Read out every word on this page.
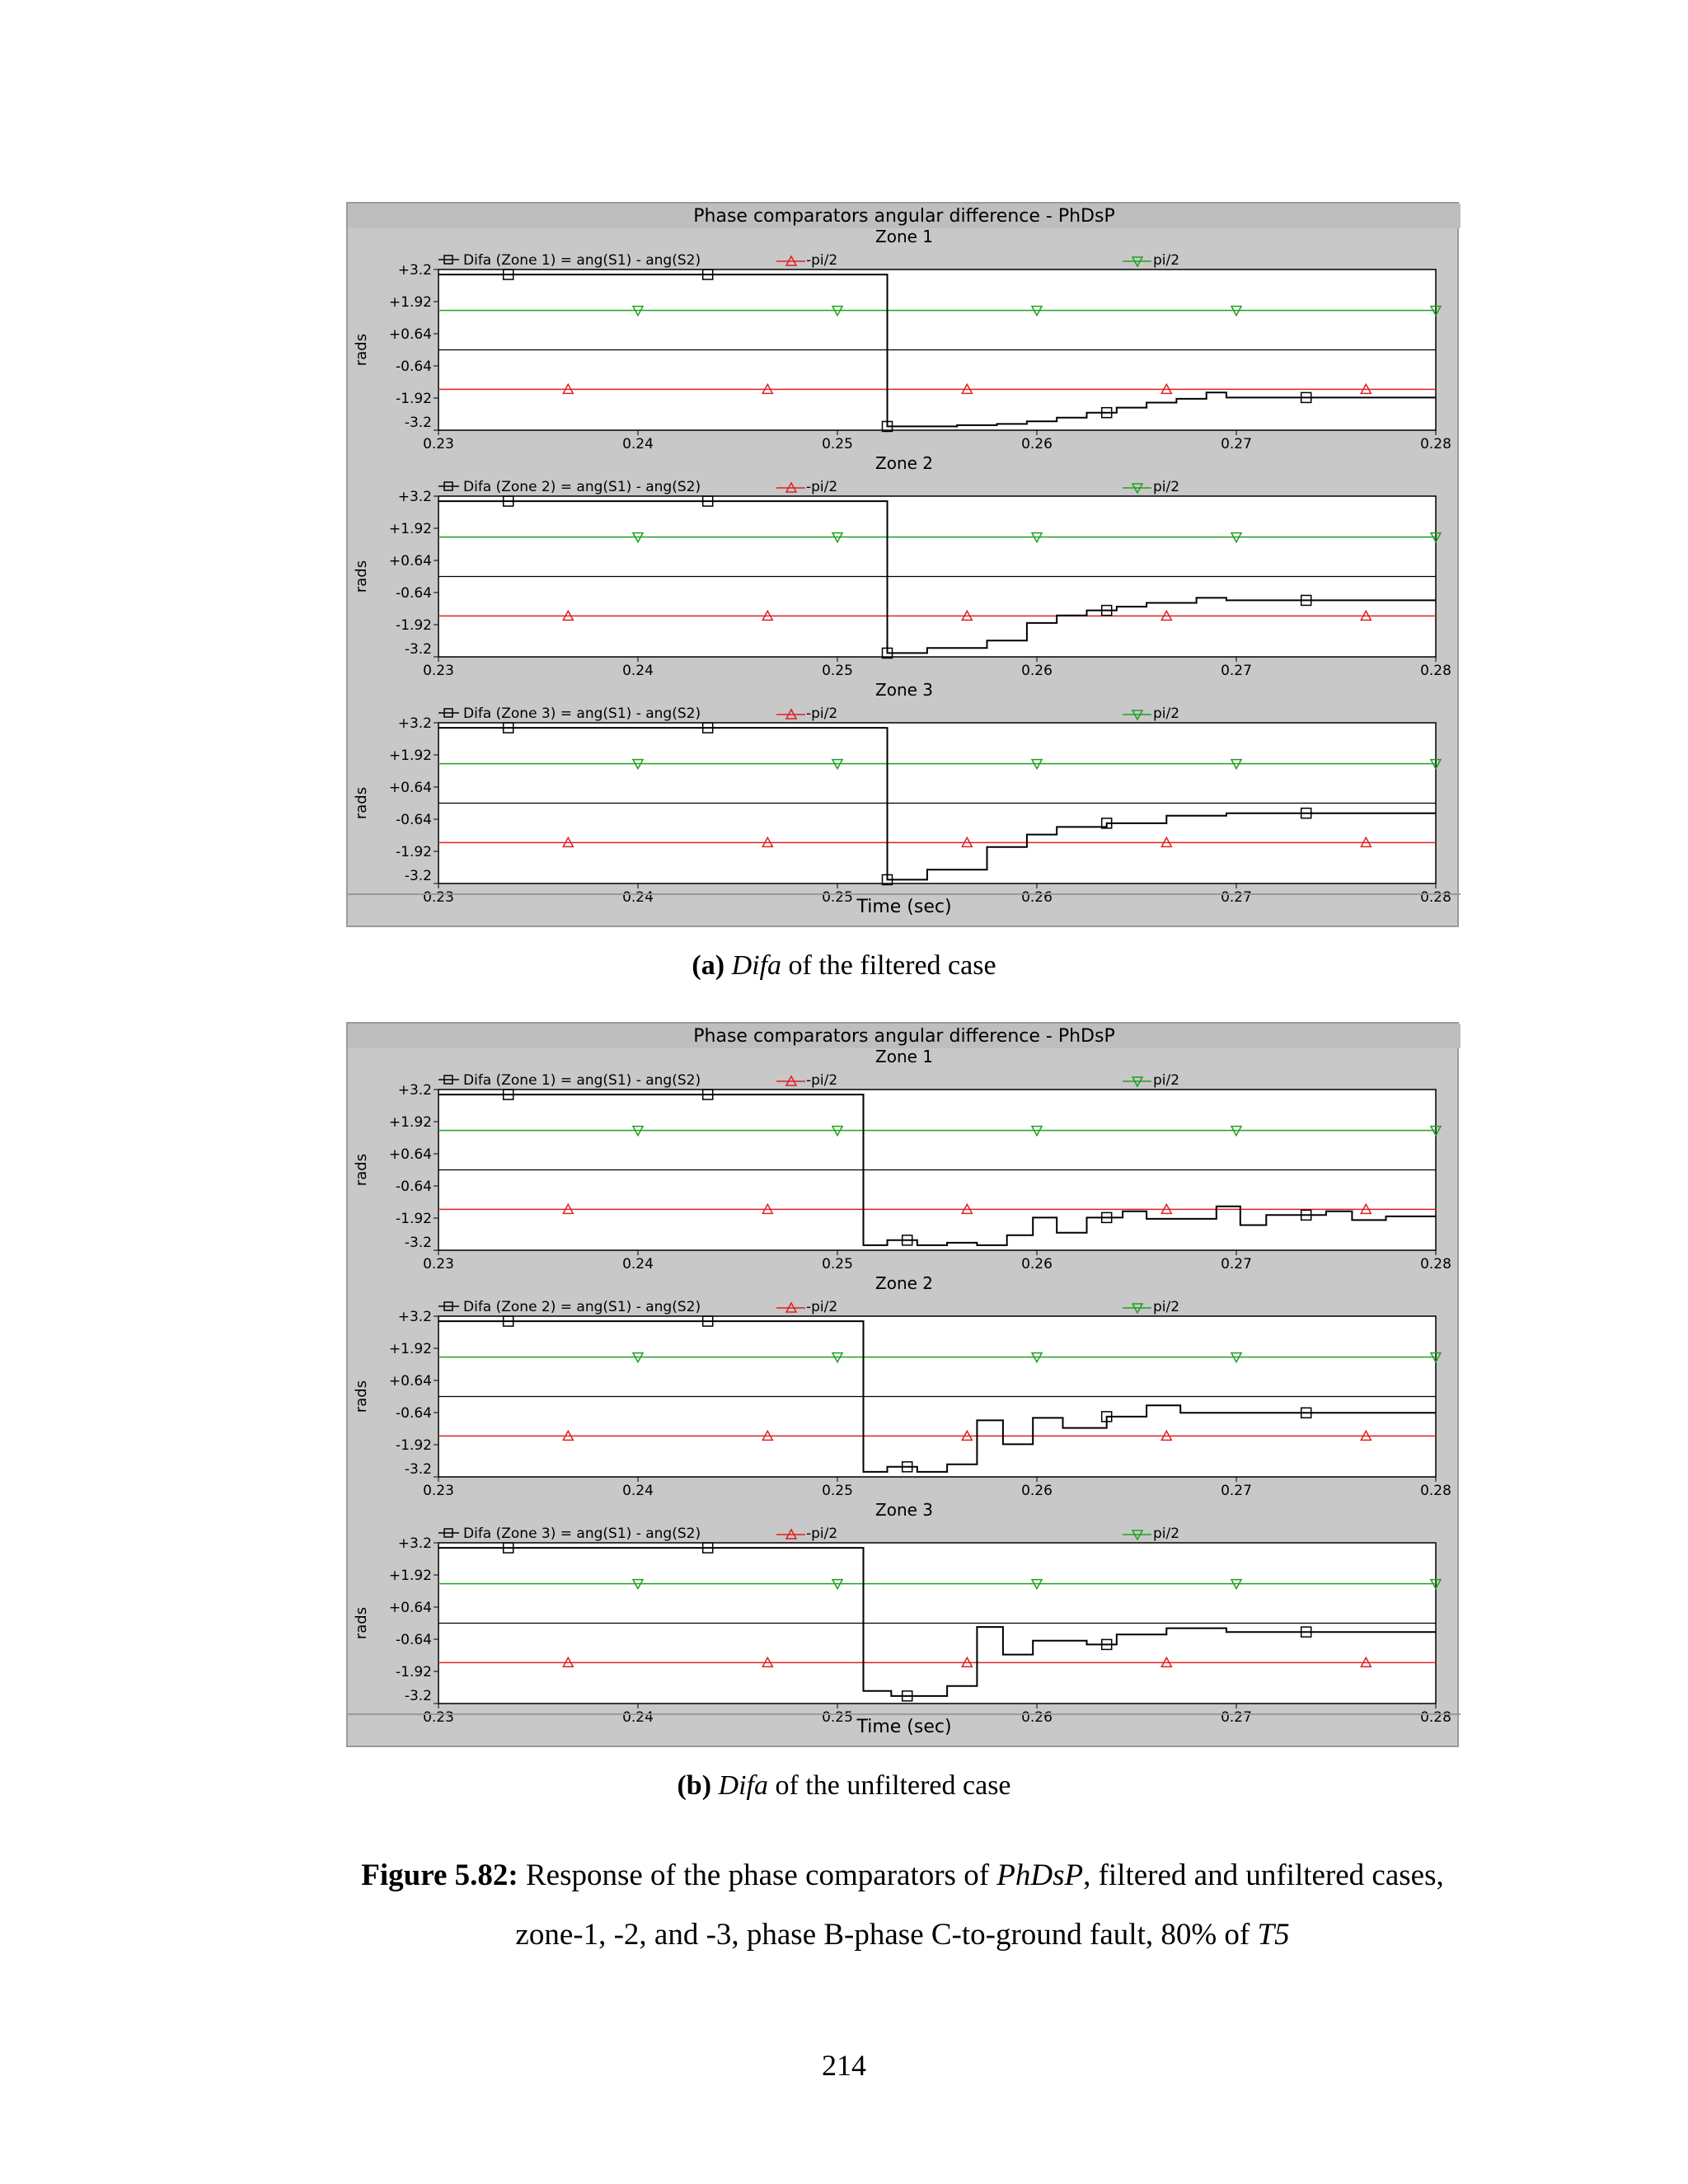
Phase comparators angular difference - PhDsP
Zone 1
Difa (Zone 1) = ang(S1) - ang(S2)	-pi/2	pi/2
+3.2
+1.92
+0.64
-0.64
-1.92
-3.2
rads
0.23	0.24	0.25	0.26	0.27	0.28
Zone 2
Difa (Zone 2) = ang(S1) - ang(S2)	-pi/2	pi/2
+3.2
+1.92
+0.64
-0.64
-1.92
-3.2
rads
0.23	0.24	0.25	0.26	0.27	0.28
Zone 3
Difa (Zone 3) = ang(S1) - ang(S2)	-pi/2	pi/2
+3.2
+1.92
+0.64
-0.64
-1.92
-3.2
rads
0.23	0.24	0.25	0.26	0.27	0.28
Time (sec)
(a) Difa of the filtered case
Phase comparators angular difference - PhDsP
Zone 1
Difa (Zone 1) = ang(S1) - ang(S2)	-pi/2	pi/2
+3.2
+1.92
+0.64
-0.64
-1.92
-3.2
rads
0.23	0.24	0.25	0.26	0.27	0.28
Zone 2
Difa (Zone 2) = ang(S1) - ang(S2)	-pi/2	pi/2
+3.2
+1.92
+0.64
-0.64
-1.92
-3.2
rads
0.23	0.24	0.25	0.26	0.27	0.28
Zone 3
Difa (Zone 3) = ang(S1) - ang(S2)	-pi/2	pi/2
+3.2
+1.92
+0.64
-0.64
-1.92
-3.2
rads
0.23	0.24	0.25	0.26	0.27	0.28
Time (sec)
(b) Difa of the unfiltered case
Figure 5.82: Response of the phase comparators of PhDsP, filtered and unfiltered cases, zone-1, -2, and -3, phase B-phase C-to-ground fault, 80% of T5
214
